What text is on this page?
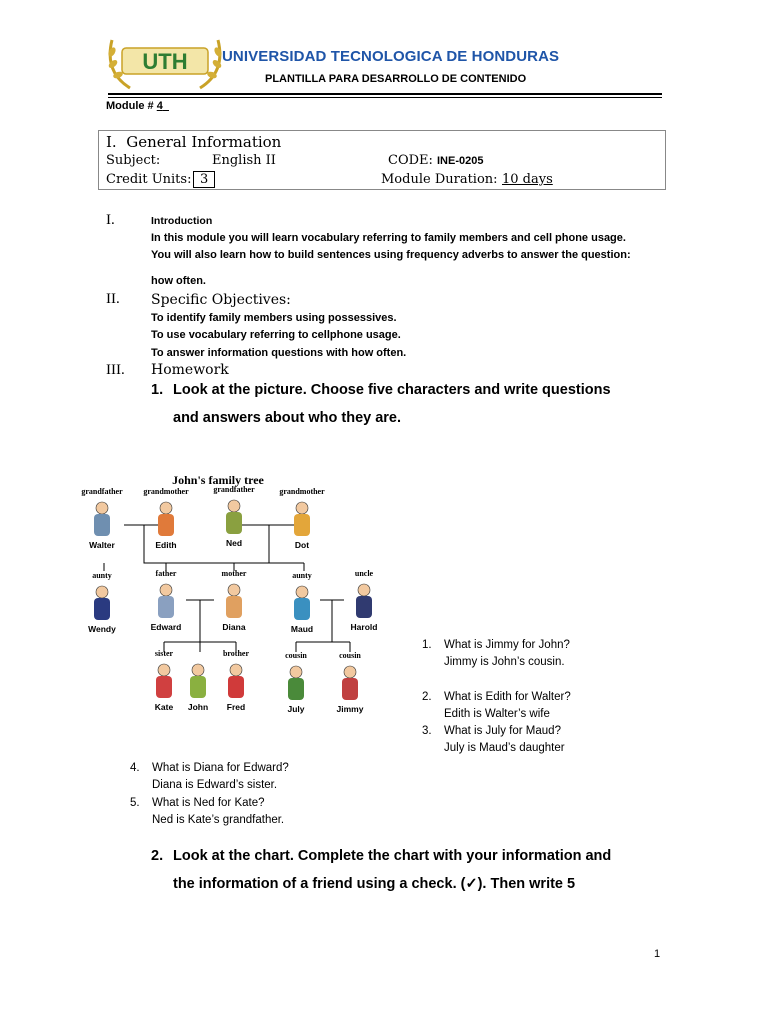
UTH UNIVERSIDAD TECNOLOGICA DE HONDURAS
PLANTILLA PARA DESARROLLO DE CONTENIDO
Module # 4
I. General Information
Subject:	English II	CODE: INE-0205
Credit Units: 3	Module Duration: 10 days
I.	Introduction
In this module you will learn vocabulary referring to family members and cell phone usage.
You will also learn how to build sentences using frequency adverbs to answer the question:
how often.
II. Specific Objectives:
To identify family members using possessives.
To use vocabulary referring to cellphone usage.
To answer information questions with how often.
III. Homework
1. Look at the picture. Choose five characters and write questions
and answers about who they are.
John's family tree
grandfather
Walter
grandmother
Edith
grandfather
Ned
grandmother
Dot
aunty
Wendy
father
Edward
mother
Diana
aunty
Maud
uncle
Harold
sister
Kate John
brother
Fred
cousin
July
cousin
Jimmy
1. What is Jimmy for John?
Jimmy is John’s cousin.
2. What is Edith for Walter?
Edith is Walter’s wife
3. What is July for Maud?
July is Maud’s daughter
4. What is Diana for Edward?
Diana is Edward’s sister.
5. What is Ned for Kate?
Ned is Kate’s grandfather.
2. Look at the chart. Complete the chart with your information and
the information of a friend using a check. (✓). Then write 5
1
